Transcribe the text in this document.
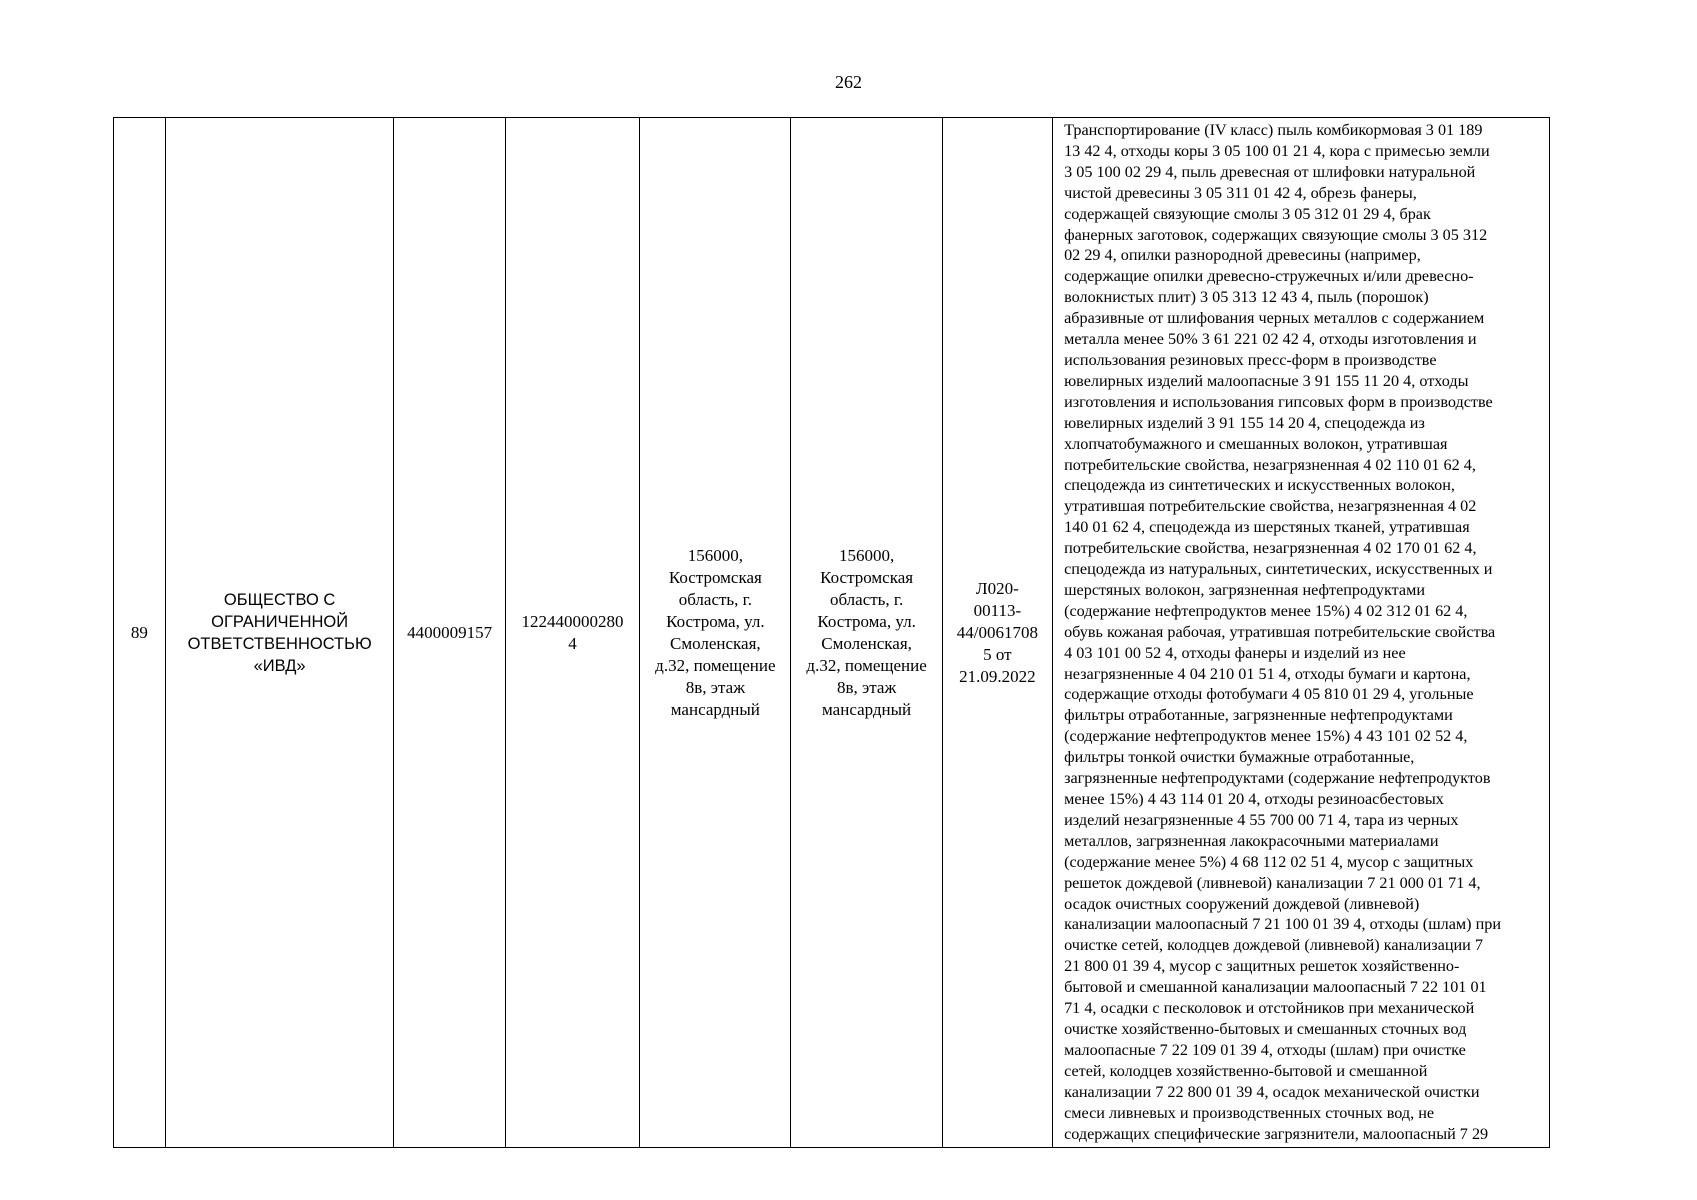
262
89
ОБЩЕСТВО С
ОГРАНИЧЕННОЙ
ОТВЕТСТВЕННОСТЬЮ
«ИВД»
4400009157
122440000280
4
156000,
Костромская
область, г.
Кострома, ул.
Смоленская,
д.32, помещение
8в, этаж
мансардный
156000,
Костромская
область, г.
Кострома, ул.
Смоленская,
д.32, помещение
8в, этаж
мансардный
Л020-
00113-
44/0061708
5 от
21.09.2022
Транспортирование (IV класс) пыль комбикормовая 3 01 189
13 42 4, отходы коры 3 05 100 01 21 4, кора с примесью земли
3 05 100 02 29 4, пыль древесная от шлифовки натуральной
чистой древесины 3 05 311 01 42 4, обрезь фанеры,
содержащей связующие смолы 3 05 312 01 29 4, брак
фанерных заготовок, содержащих связующие смолы 3 05 312
02 29 4, опилки разнородной древесины (например,
содержащие опилки древесно-стружечных и/или древесно-
волокнистых плит) 3 05 313 12 43 4, пыль (порошок)
абразивные от шлифования черных металлов с содержанием
металла менее 50% 3 61 221 02 42 4, отходы изготовления и
использования резиновых пресс-форм в производстве
ювелирных изделий малоопасные 3 91 155 11 20 4, отходы
изготовления и использования гипсовых форм в производстве
ювелирных изделий 3 91 155 14 20 4, спецодежда из
хлопчатобумажного и смешанных волокон, утратившая
потребительские свойства, незагрязненная 4 02 110 01 62 4,
спецодежда из синтетических и искусственных волокон,
утратившая потребительские свойства, незагрязненная 4 02
140 01 62 4, спецодежда из шерстяных тканей, утратившая
потребительские свойства, незагрязненная 4 02 170 01 62 4,
спецодежда из натуральных, синтетических, искусственных и
шерстяных волокон, загрязненная нефтепродуктами
(содержание нефтепродуктов менее 15%) 4 02 312 01 62 4,
обувь кожаная рабочая, утратившая потребительские свойства
4 03 101 00 52 4, отходы фанеры и изделий из нее
незагрязненные 4 04 210 01 51 4, отходы бумаги и картона,
содержащие отходы фотобумаги 4 05 810 01 29 4, угольные
фильтры отработанные, загрязненные нефтепродуктами
(содержание нефтепродуктов менее 15%) 4 43 101 02 52 4,
фильтры тонкой очистки бумажные отработанные,
загрязненные нефтепродуктами (содержание нефтепродуктов
менее 15%) 4 43 114 01 20 4, отходы резиноасбестовых
изделий незагрязненные 4 55 700 00 71 4, тара из черных
металлов, загрязненная лакокрасочными материалами
(содержание менее 5%) 4 68 112 02 51 4, мусор с защитных
решеток дождевой (ливневой) канализации 7 21 000 01 71 4,
осадок очистных сооружений дождевой (ливневой)
канализации малоопасный 7 21 100 01 39 4, отходы (шлам) при
очистке сетей, колодцев дождевой (ливневой) канализации 7
21 800 01 39 4, мусор с защитных решеток хозяйственно-
бытовой и смешанной канализации малоопасный 7 22 101 01
71 4, осадки с песколовок и отстойников при механической
очистке хозяйственно-бытовых и смешанных сточных вод
малоопасные 7 22 109 01 39 4, отходы (шлам) при очистке
сетей, колодцев хозяйственно-бытовой и смешанной
канализации 7 22 800 01 39 4, осадок механической очистки
смеси ливневых и производственных сточных вод, не
содержащих специфические загрязнители, малоопасный 7 29
